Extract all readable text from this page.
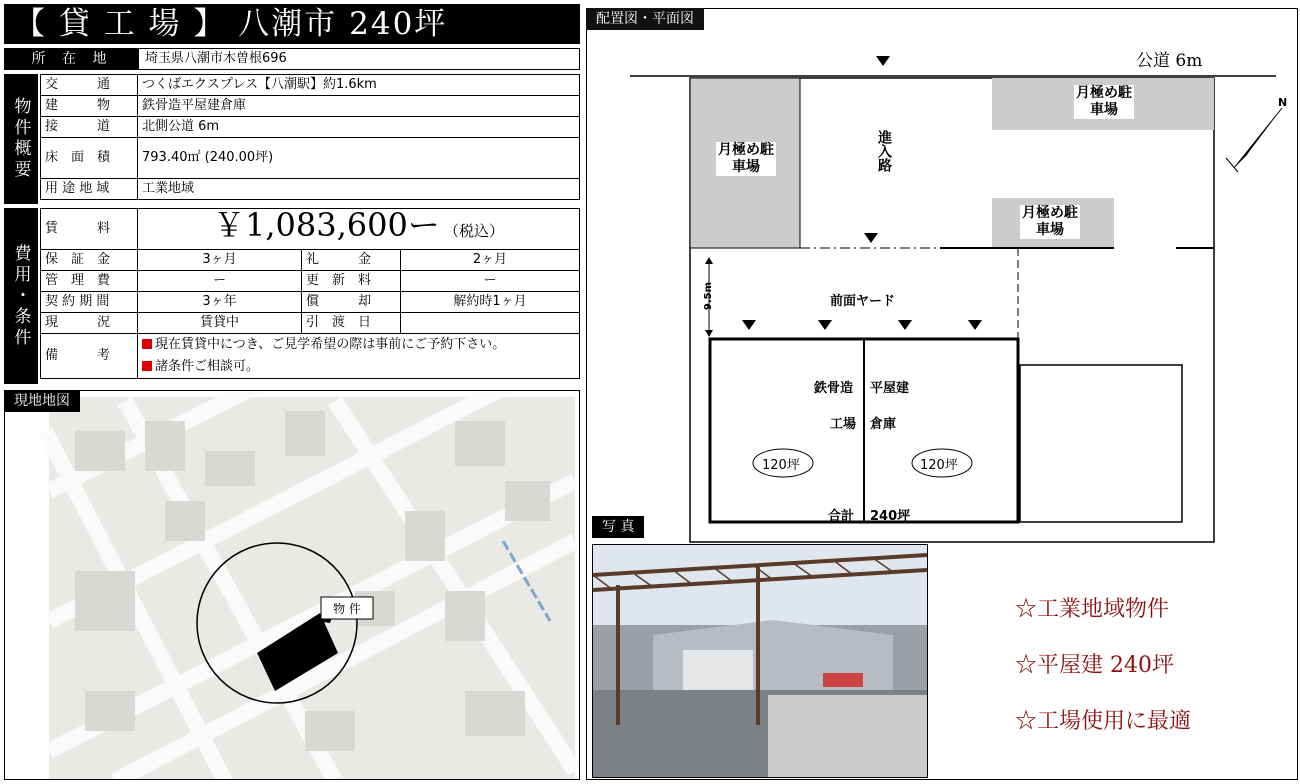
【 貸 工 場 】 八潮市 240坪
所 在 地	埼玉県八潮市木曽根696
物件概要
交　　　通	つくばエクスプレス【八潮駅】約1.6km
建　　　物	鉄骨造平屋建倉庫
接　　　道	北側公道 6m
床　面　積	793.40㎡ (240.00坪)
用 途 地 域	工業地域
費用・条件
賃　　　料	￥1,083,600ー （税込）		
保　証　金	3ヶ月	礼　　　金	2ヶ月
管　理　費	ー	更　新　料	ー
契 約 期 間	3ヶ年	償　　　却	解約時1ヶ月
現　　　況	賃貸中	引　渡　日	
備　　　考	現在賃貸中につき、ご見学希望の際は事前にご予約下さい。
諸条件ご相談可。		
物 件
現地地図
配置図・平面図
公道 6m
N
月極め駐車場
月極め駐車場
月極め駐車場
進入路
前面ヤード
9.5m
鉄骨造 平屋建
工場 倉庫
120坪	120坪
合計 240坪
写 真
☆工業地域物件
☆平屋建 240坪
☆工場使用に最適
